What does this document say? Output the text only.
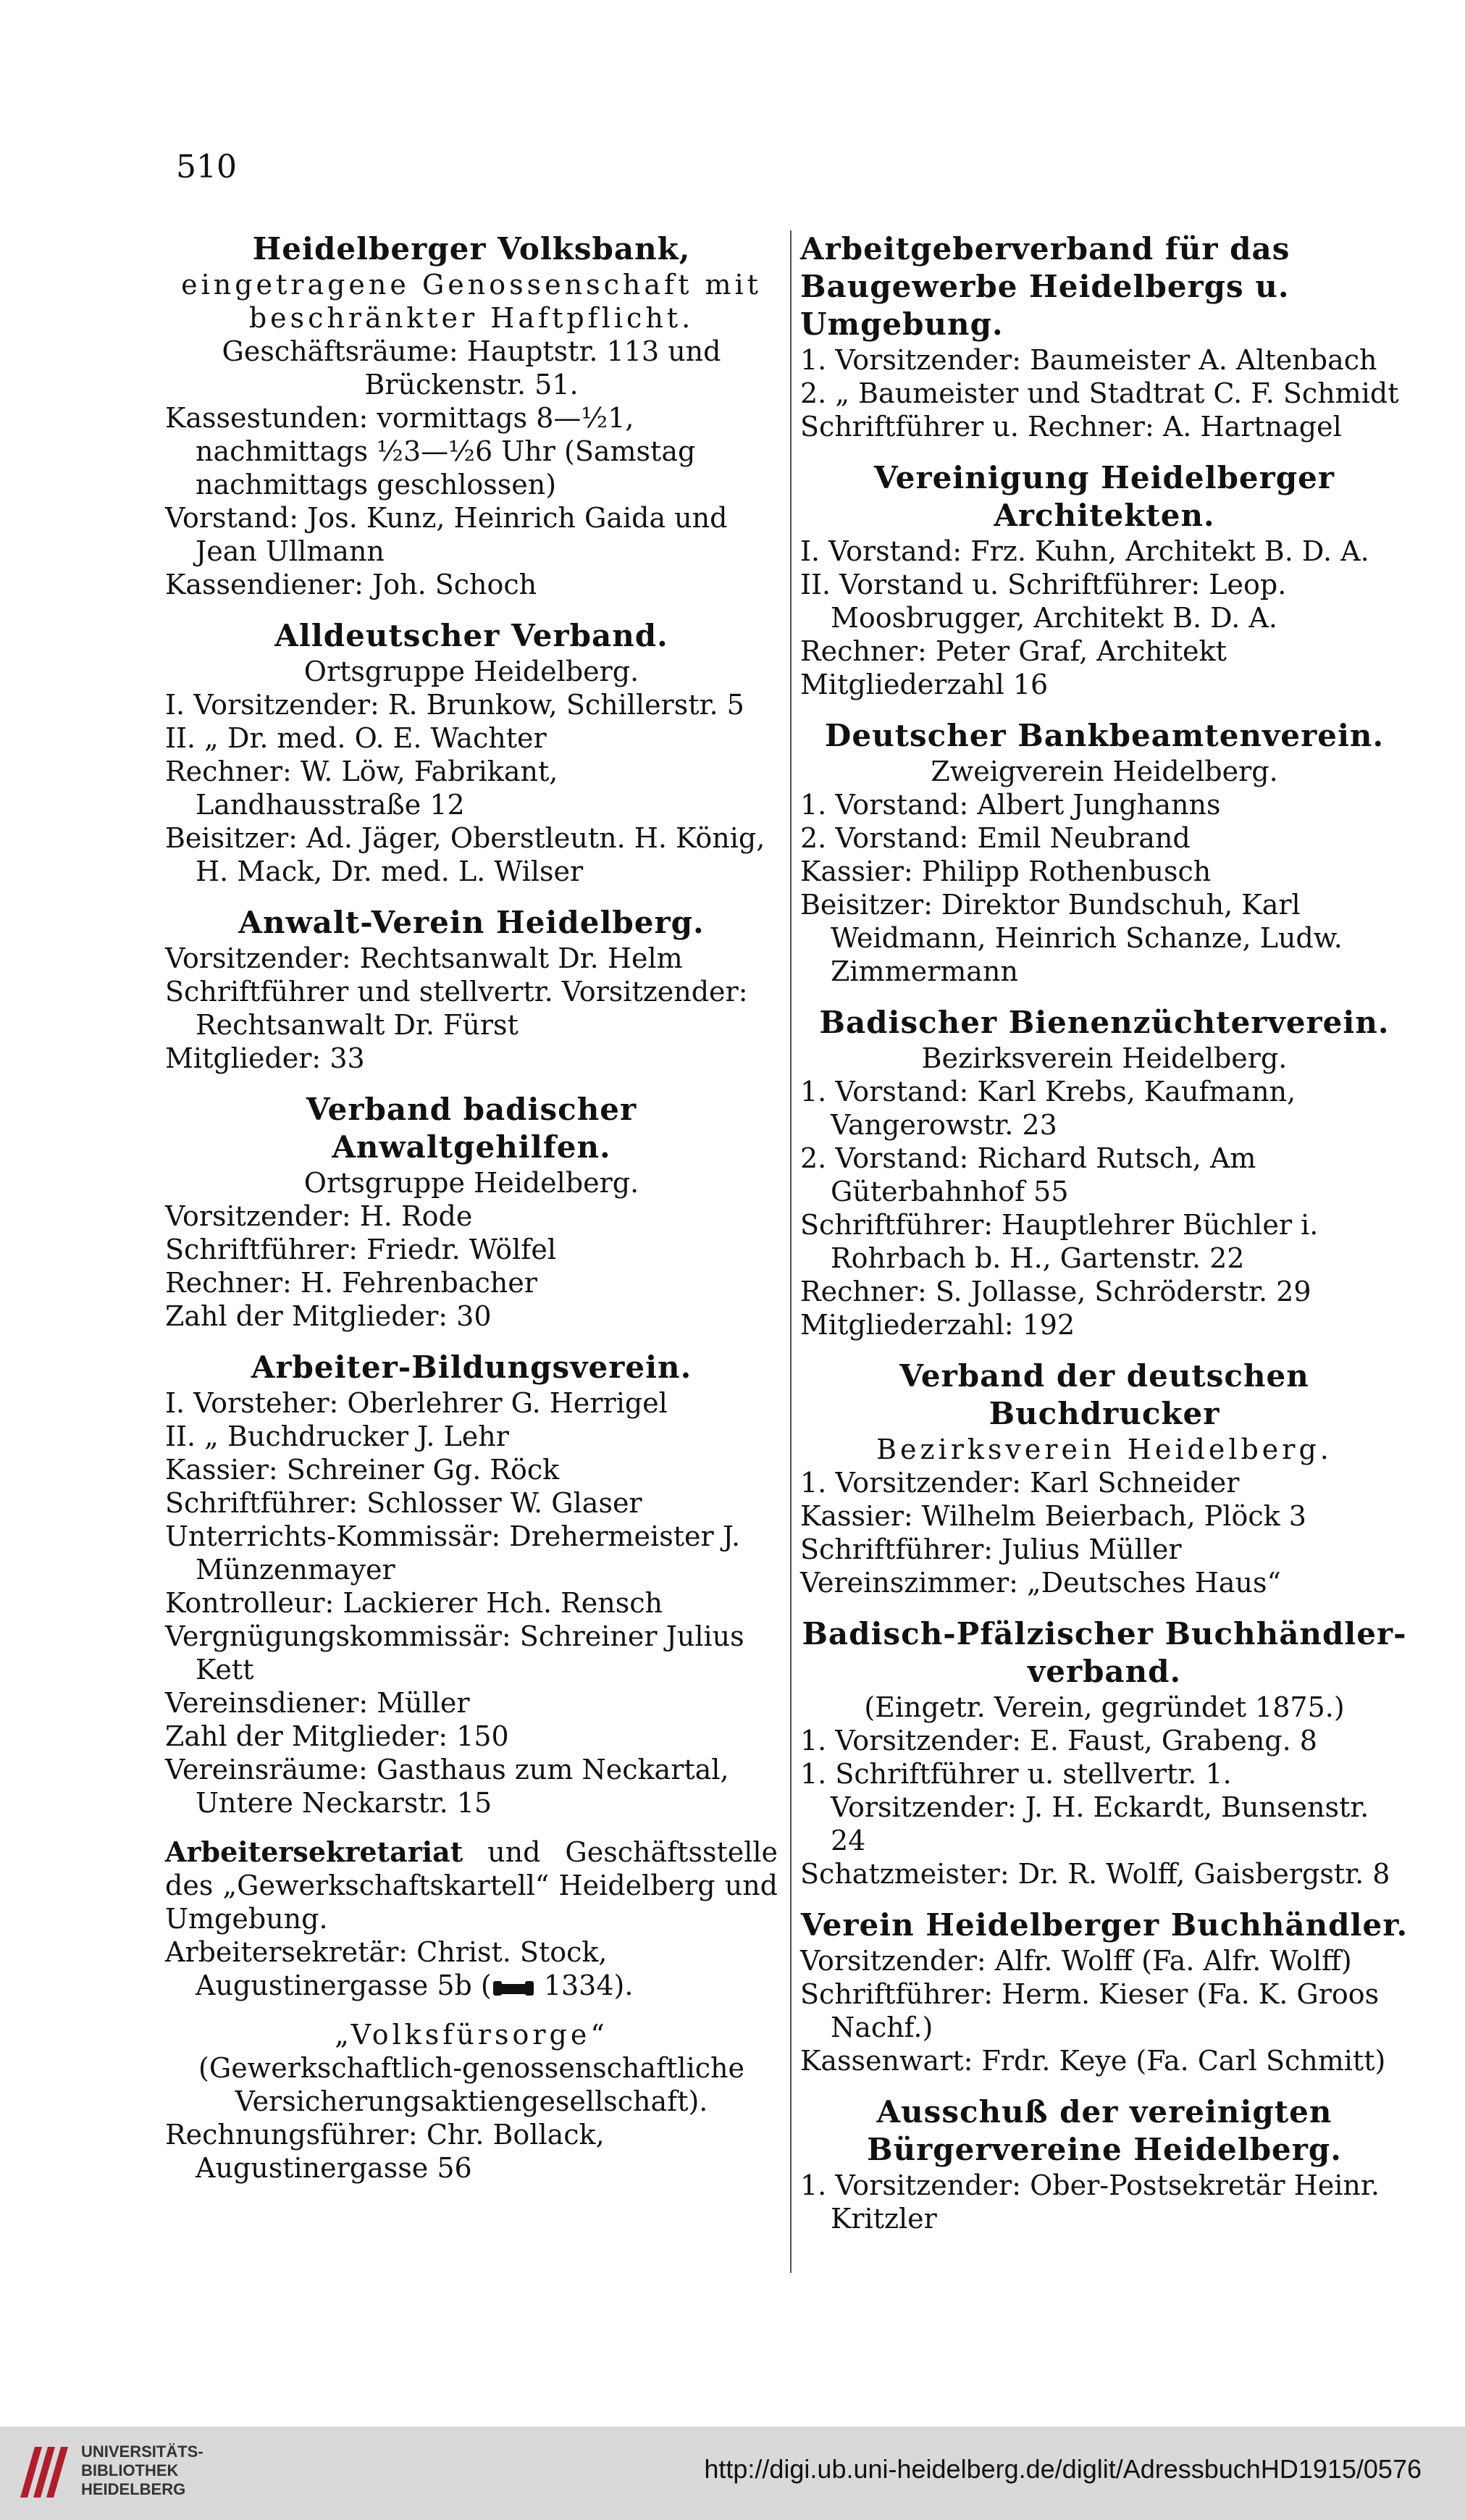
510
Heidelberger Volksbank,
eingetragene Genossenschaft mit beschränkter Haftpflicht.
Geschäftsräume: Hauptstr. 113 und Brückenstr. 51.
Kassestunden: vormittags 8—½1, nachmittags ½3—½6 Uhr (Samstag nachmittags geschlossen)
Vorstand: Jos. Kunz, Heinrich Gaida und Jean Ullmann
Kassendiener: Joh. Schoch
Alldeutscher Verband.
Ortsgruppe Heidelberg.
I. Vorsitzender: R. Brunkow, Schillerstr. 5
II. „ Dr. med. O. E. Wachter
Rechner: W. Löw, Fabrikant, Landhausstraße 12
Beisitzer: Ad. Jäger, Oberstleutn. H. König, H. Mack, Dr. med. L. Wilser
Anwalt-Verein Heidelberg.
Vorsitzender: Rechtsanwalt Dr. Helm
Schriftführer und stellvertr. Vorsitzender: Rechtsanwalt Dr. Fürst
Mitglieder: 33
Verband badischer Anwaltgehilfen.
Ortsgruppe Heidelberg.
Vorsitzender: H. Rode
Schriftführer: Friedr. Wölfel
Rechner: H. Fehrenbacher
Zahl der Mitglieder: 30
Arbeiter-Bildungsverein.
I. Vorsteher: Oberlehrer G. Herrigel
II. „ Buchdrucker J. Lehr
Kassier: Schreiner Gg. Röck
Schriftführer: Schlosser W. Glaser
Unterrichts-Kommissär: Drehermeister J. Münzenmayer
Kontrolleur: Lackierer Hch. Rensch
Vergnügungskommissär: Schreiner Julius Kett
Vereinsdiener: Müller
Zahl der Mitglieder: 150
Vereinsräume: Gasthaus zum Neckartal, Untere Neckarstr. 15
Arbeitersekretariat und Geschäftsstelle des „Gewerkschaftskartell“ Heidelberg und Umgebung.
Arbeitersekretär: Christ. Stock, Augustinergasse 5b ( 1334).
„Volksfürsorge“
(Gewerkschaftlich-genossenschaftliche Versicherungsaktiengesellschaft).
Rechnungsführer: Chr. Bollack, Augustinergasse 56
Arbeitgeberverband für das Baugewerbe Heidelbergs u. Umgebung.
1. Vorsitzender: Baumeister A. Altenbach
2. „ Baumeister und Stadtrat C. F. Schmidt
Schriftführer u. Rechner: A. Hartnagel
Vereinigung Heidelberger Architekten.
I. Vorstand: Frz. Kuhn, Architekt B. D. A.
II. Vorstand u. Schriftführer: Leop. Moosbrugger, Architekt B. D. A.
Rechner: Peter Graf, Architekt
Mitgliederzahl 16
Deutscher Bankbeamtenverein.
Zweigverein Heidelberg.
1. Vorstand: Albert Junghanns
2. Vorstand: Emil Neubrand
Kassier: Philipp Rothenbusch
Beisitzer: Direktor Bundschuh, Karl Weidmann, Heinrich Schanze, Ludw. Zimmermann
Badischer Bienenzüchterverein.
Bezirksverein Heidelberg.
1. Vorstand: Karl Krebs, Kaufmann, Vangerowstr. 23
2. Vorstand: Richard Rutsch, Am Güterbahnhof 55
Schriftführer: Hauptlehrer Büchler i. Rohrbach b. H., Gartenstr. 22
Rechner: S. Jollasse, Schröderstr. 29
Mitgliederzahl: 192
Verband der deutschen Buchdrucker
Bezirksverein Heidelberg.
1. Vorsitzender: Karl Schneider
Kassier: Wilhelm Beierbach, Plöck 3
Schriftführer: Julius Müller
Vereinszimmer: „Deutsches Haus“
Badisch-Pfälzischer Buchhändler-verband.
(Eingetr. Verein, gegründet 1875.)
1. Vorsitzender: E. Faust, Grabeng. 8
1. Schriftführer u. stellvertr. 1. Vorsitzender: J. H. Eckardt, Bunsenstr. 24
Schatzmeister: Dr. R. Wolff, Gaisbergstr. 8
Verein Heidelberger Buchhändler.
Vorsitzender: Alfr. Wolff (Fa. Alfr. Wolff)
Schriftführer: Herm. Kieser (Fa. K. Groos Nachf.)
Kassenwart: Frdr. Keye (Fa. Carl Schmitt)
Ausschuß der vereinigten Bürgervereine Heidelberg.
1. Vorsitzender: Ober-Postsekretär Heinr. Kritzler
UNIVERSITÄTS-
BIBLIOTHEK
HEIDELBERG
http://digi.ub.uni-heidelberg.de/diglit/AdressbuchHD1915/0576
